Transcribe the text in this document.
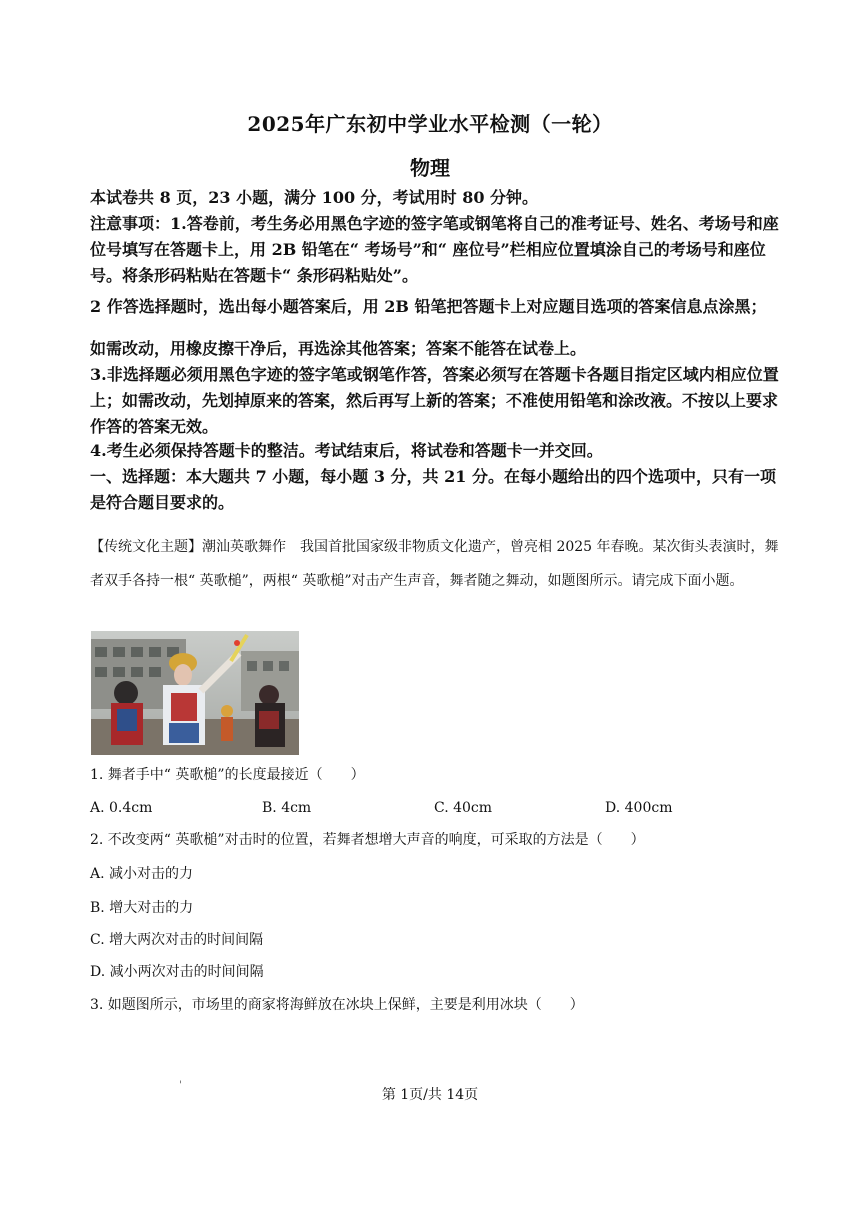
2025年广东初中学业水平检测（一轮）
物理
本试卷共 8 页，23 小题，满分 100 分，考试用时 80 分钟。
注意事项：1.答卷前，考生务必用黑色字迹的签字笔或钢笔将自己的准考证号、姓名、考场号和座位号填写在答题卡上，用 2B 铅笔在“ 考场号”和“ 座位号”栏相应位置填涂自己的考场号和座位号。将条形码粘贴在答题卡“ 条形码粘贴处”。
2 作答选择题时，选出每小题答案后，用 2B 铅笔把答题卡上对应题目选项的答案信息点涂黑；
如需改动，用橡皮擦干净后，再选涂其他答案；答案不能答在试卷上。
3.非选择题必须用黑色字迹的签字笔或钢笔作答，答案必须写在答题卡各题目指定区域内相应位置上；如需改动，先划掉原来的答案，然后再写上新的答案；不准使用铅笔和涂改液。不按以上要求作答的答案无效。
4.考生必须保持答题卡的整洁。考试结束后，将试卷和答题卡一并交回。
一、选择题：本大题共 7 小题，每小题 3 分，共 21 分。在每小题给出的四个选项中，只有一项是符合题目要求的。
【传统文化主题】潮汕英歌舞作　我国首批国家级非物质文化遗产，曾亮相 2025 年春晚。某次街头表演时，舞者双手各持一根“ 英歌槌”，两根“ 英歌槌”对击产生声音，舞者随之舞动，如题图所示。请完成下面小题。
1. 舞者手中“ 英歌槌”的长度最接近（　　）
A. 0.4cm	B. 4cm	C. 40cm	D. 400cm
2. 不改变两“ 英歌槌”对击时的位置，若舞者想增大声音的响度，可采取的方法是（　　）
A. 减小对击的力
B. 增大对击的力
C. 增大两次对击的时间间隔
D. 减小两次对击的时间间隔
3. 如题图所示，市场里的商家将海鲜放在冰块上保鲜，主要是利用冰块（　　）
'
第 1页/共 14页
